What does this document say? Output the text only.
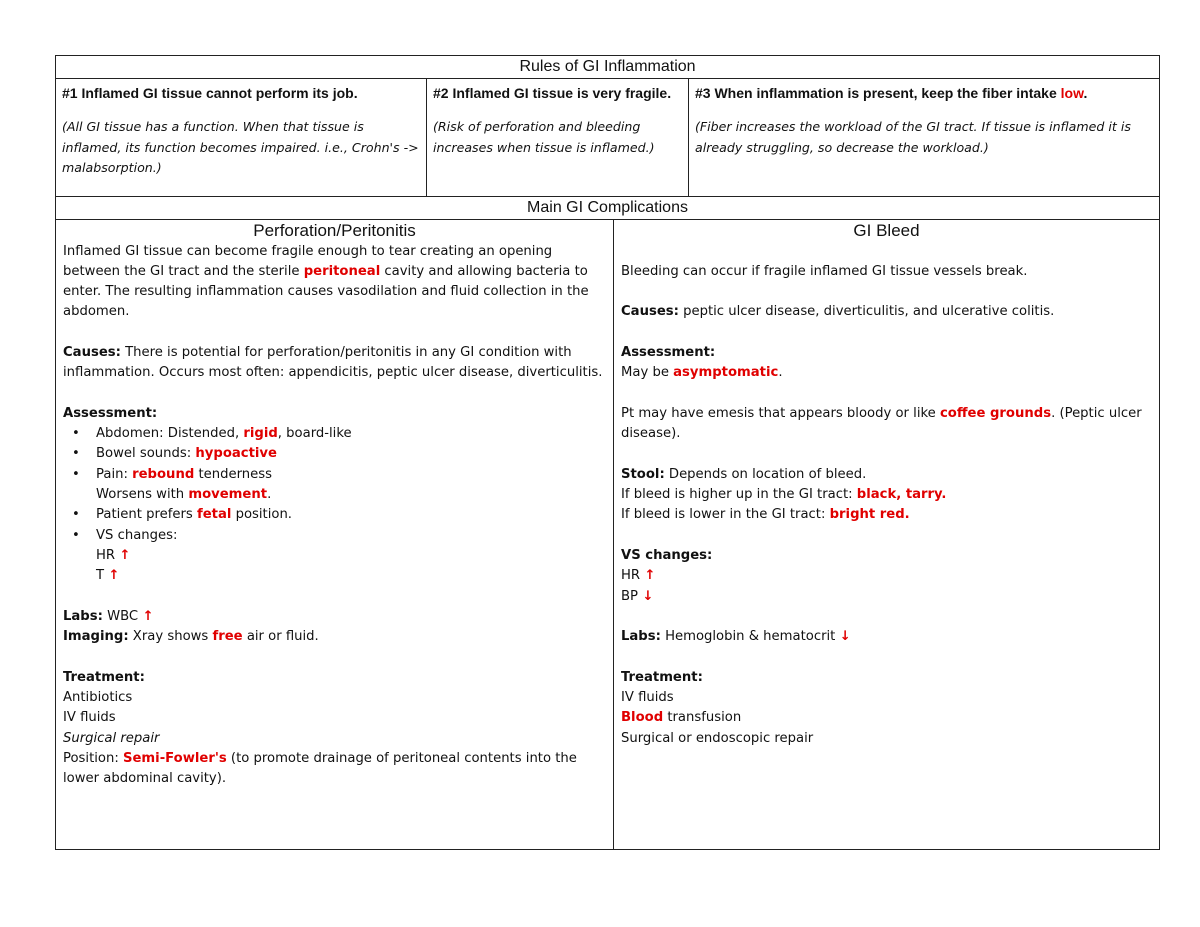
Rules of GI Inflammation

#1 Inflamed GI tissue cannot perform its job.
(All GI tissue has a function. When that tissue is inflamed, its function becomes impaired. i.e., Crohn's -> malabsorption.)

#2 Inflamed GI tissue is very fragile.
(Risk of perforation and bleeding increases when tissue is inflamed.)

#3 When inflammation is present, keep the fiber intake low.
(Fiber increases the workload of the GI tract. If tissue is inflamed it is already struggling, so decrease the workload.)
Main GI Complications

Perforation/Peritonitis
Inflamed GI tissue can become fragile enough to tear creating an opening between the GI tract and the sterile peritoneal cavity and allowing bacteria to enter. The resulting inflammation causes vasodilation and fluid collection in the abdomen.
Causes: There is potential for perforation/peritonitis in any GI condition with inflammation. Occurs most often: appendicitis, peptic ulcer disease, diverticulitis.
Assessment:
• Abdomen: Distended, rigid, board-like
• Bowel sounds: hypoactive
• Pain: rebound tenderness
Worsens with movement.
• Patient prefers fetal position.
• VS changes:
HR ↑
T ↑
Labs: WBC ↑
Imaging: Xray shows free air or fluid.
Treatment:
Antibiotics
IV fluids
Surgical repair
Position: Semi-Fowler's (to promote drainage of peritoneal contents into the lower abdominal cavity).

GI Bleed
Bleeding can occur if fragile inflamed GI tissue vessels break.
Causes: peptic ulcer disease, diverticulitis, and ulcerative colitis.
Assessment:
May be asymptomatic.
Pt may have emesis that appears bloody or like coffee grounds. (Peptic ulcer disease).
Stool: Depends on location of bleed.
If bleed is higher up in the GI tract: black, tarry.
If bleed is lower in the GI tract: bright red.
VS changes:
HR ↑
BP ↓
Labs: Hemoglobin & hematocrit ↓
Treatment:
IV fluids
Blood transfusion
Surgical or endoscopic repair
